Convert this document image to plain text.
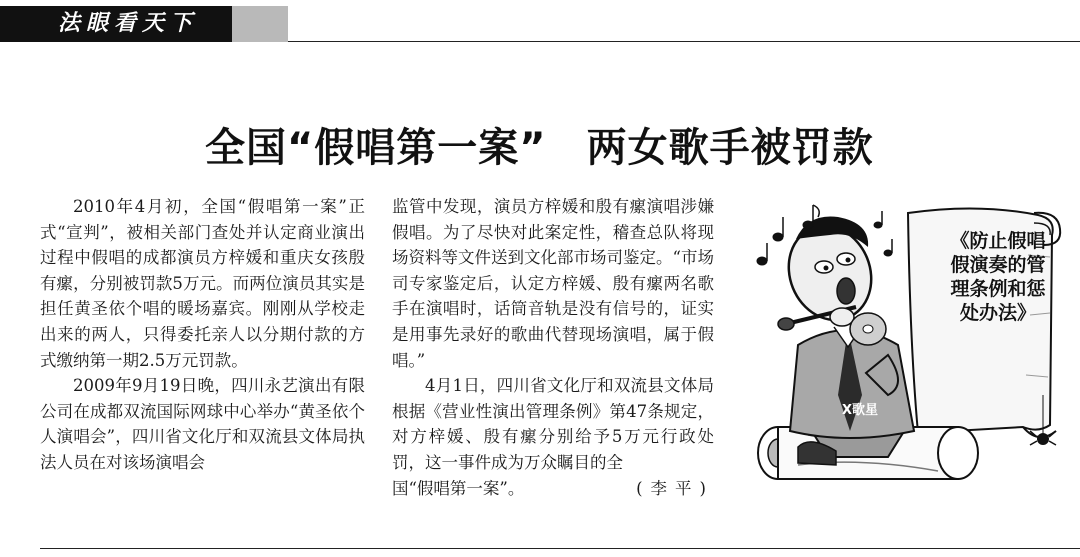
法眼看天下
全国“假唱第一案” 两女歌手被罚款

2010年4月初，全国“假唱第一案”正式“宣判”，被相关部门查处并认定商业演出过程中假唱的成都演员方梓媛和重庆女孩殷有瘰，分别被罚款5万元。而两位演员其实是担任黄圣依个唱的暖场嘉宾。刚刚从学校走出来的两人，只得委托亲人以分期付款的方式缴纳第一期2.5万元罚款。

2009年9月19日晚，四川永艺演出有限公司在成都双流国际网球中心举办“黄圣依个人演唱会”，四川省文化厅和双流县文体局执法人员在对该场演唱会

监管中发现，演员方梓媛和殷有瘰演唱涉嫌假唱。为了尽快对此案定性，稽查总队将现场资料等文件送到文化部市场司鉴定。“市场司专家鉴定后，认定方梓媛、殷有瘰两名歌手在演唱时，话筒音轨是没有信号的，证实是用事先录好的歌曲代替现场演唱，属于假唱。”

4月1日，四川省文化厅和双流县文体局根据《营业性演出管理条例》第47条规定，对方梓媛、殷有瘰分别给予5万元行政处罚，这一事件成为万众瞩目的全

国“假唱第一案”。	(李平)
《防止假唱假演奏的管理条例和惩处办法》
X歌星
